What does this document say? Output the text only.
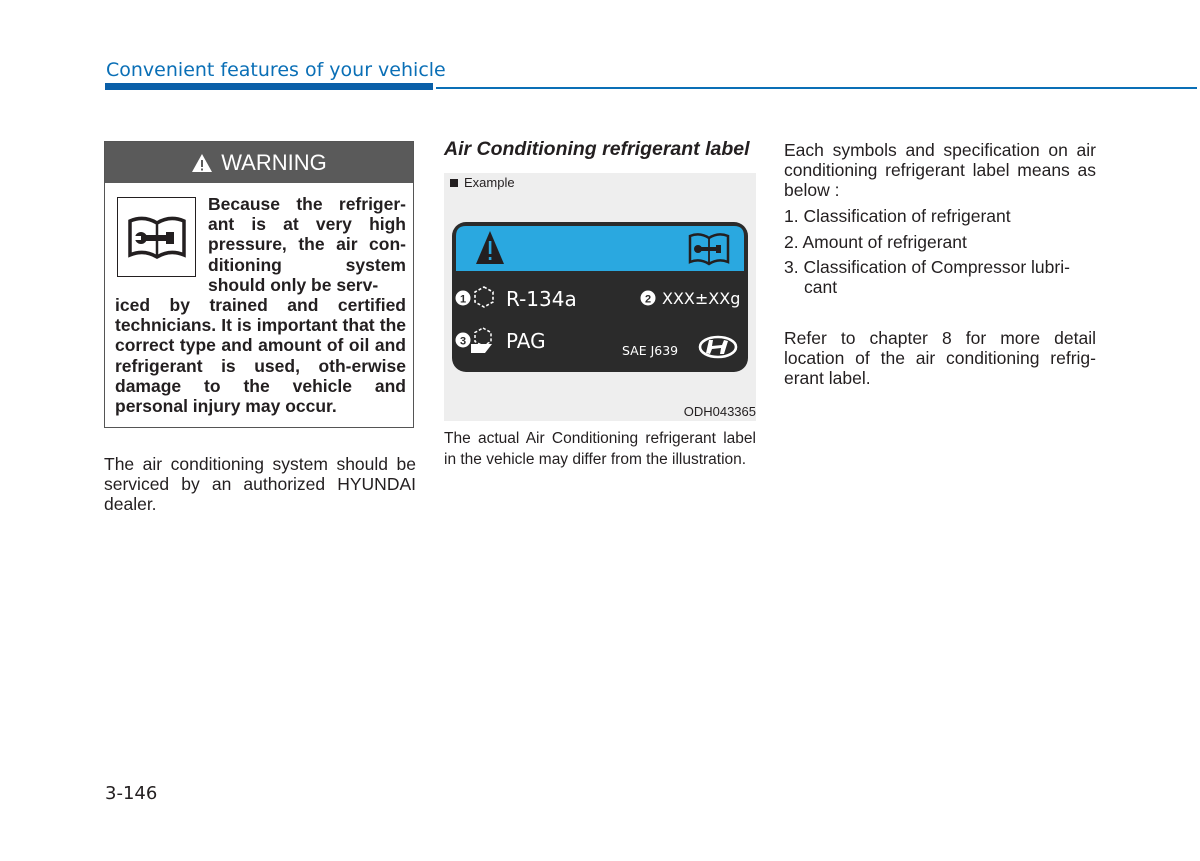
Convenient features of your vehicle
WARNING
Because the refriger-ant is at very high pressure, the air con-ditioning system should only be serv-
iced by trained and certified technicians. It is important that the correct type and amount of oil and refrigerant is used, oth-erwise damage to the vehicle and personal injury may occur.
The air conditioning system should be serviced by an authorized HYUNDAI dealer.
Air Conditioning refrigerant label
Example
1 R-134a	2 XXX±XXg
3 PAG	SAE J639
ODH043365
The actual Air Conditioning refrigerant label in the vehicle may differ from the illustration.
Each symbols and specification on air conditioning refrigerant label means as below :
1. Classification of refrigerant
2. Amount of refrigerant
3. Classification of Compressor lubri-cant
Refer to chapter 8 for more detail location of the air conditioning refrig-erant label.
3-146
